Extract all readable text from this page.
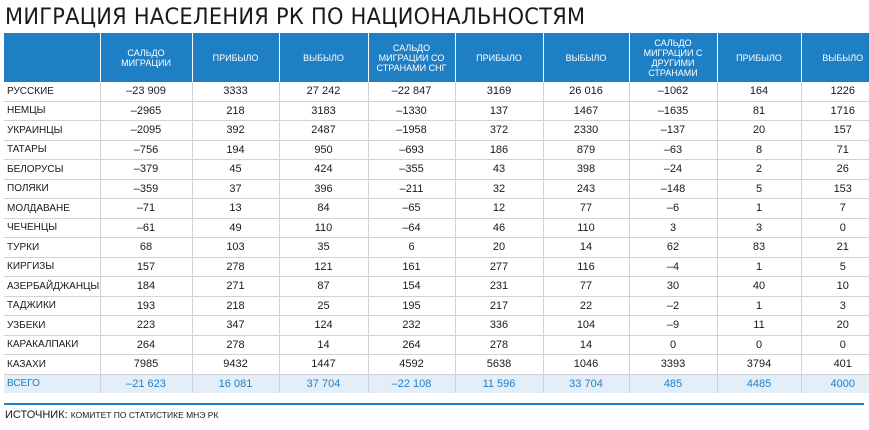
МИГРАЦИЯ НАСЕЛЕНИЯ РК ПО НАЦИОНАЛЬНОСТЯМ
	САЛЬДО МИГРАЦИИ	ПРИБЫЛО	ВЫБЫЛО	САЛЬДО МИГРАЦИИ СО СТРАНАМИ СНГ	ПРИБЫЛО	ВЫБЫЛО	САЛЬДО МИГРАЦИИ С ДРУГИМИ СТРАНАМИ	ПРИБЫЛО	ВЫБЫЛО
РУССКИЕ	–23 909	3333	27 242	–22 847	3169	26 016	–1062	164	1226
НЕМЦЫ	–2965	218	3183	–1330	137	1467	–1635	81	1716
УКРАИНЦЫ	–2095	392	2487	–1958	372	2330	–137	20	157
ТАТАРЫ	–756	194	950	–693	186	879	–63	8	71
БЕЛОРУСЫ	–379	45	424	–355	43	398	–24	2	26
ПОЛЯКИ	–359	37	396	–211	32	243	–148	5	153
МОЛДАВАНЕ	–71	13	84	–65	12	77	–6	1	7
ЧЕЧЕНЦЫ	–61	49	110	–64	46	110	3	3	0
ТУРКИ	68	103	35	6	20	14	62	83	21
КИРГИЗЫ	157	278	121	161	277	116	–4	1	5
АЗЕРБАЙДЖАНЦЫ	184	271	87	154	231	77	30	40	10
ТАДЖИКИ	193	218	25	195	217	22	–2	1	3
УЗБЕКИ	223	347	124	232	336	104	–9	11	20
КАРАКАЛПАКИ	264	278	14	264	278	14	0	0	0
КАЗАХИ	7985	9432	1447	4592	5638	1046	3393	3794	401
ВСЕГО	–21 623	16 081	37 704	–22 108	11 596	33 704	485	4485	4000
ИСТОЧНИК: КОМИТЕТ ПО СТАТИСТИКЕ МНЭ РК
